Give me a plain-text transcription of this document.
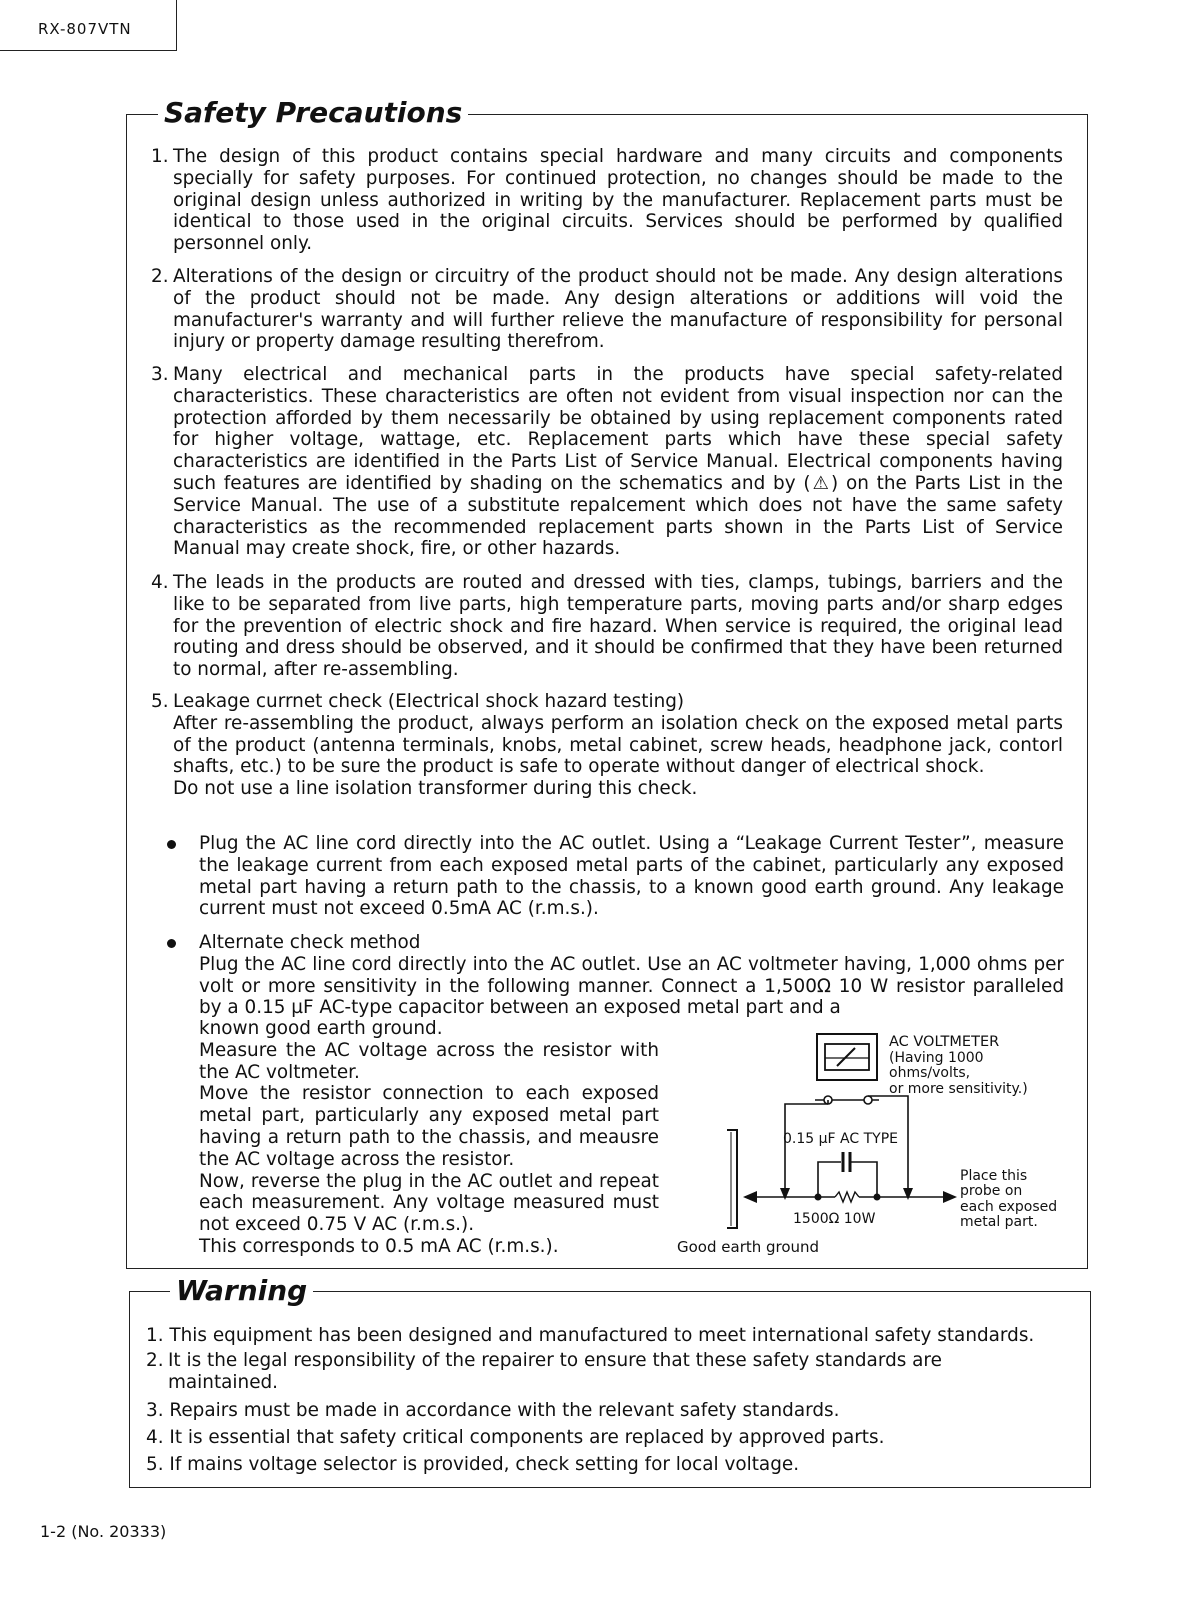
RX-807VTN
Safety Precautions
1. The design of this product contains special hardware and many circuits and components specially for safety purposes. For continued protection, no changes should be made to the original design unless authorized in writing by the manufacturer. Replacement parts must be identical to those used in the original circuits. Services should be performed by qualified personnel only.
2. Alterations of the design or circuitry of the product should not be made. Any design alterations of the product should not be made. Any design alterations or additions will void the manufacturer's warranty and will further relieve the manufacture of responsibility for personal injury or property damage resulting therefrom.
3. Many electrical and mechanical parts in the products have special safety-related characteristics. These characteristics are often not evident from visual inspection nor can the protection afforded by them necessarily be obtained by using replacement components rated for higher voltage, wattage, etc. Replacement parts which have these special safety characteristics are identified in the Parts List of Service Manual. Electrical components having such features are identified by shading on the schematics and by (⚠) on the Parts List in the Service Manual. The use of a substitute repalcement which does not have the same safety characteristics as the recommended replacement parts shown in the Parts List of Service Manual may create shock, fire, or other hazards.
4. The leads in the products are routed and dressed with ties, clamps, tubings, barriers and the like to be separated from live parts, high temperature parts, moving parts and/or sharp edges for the prevention of electric shock and fire hazard. When service is required, the original lead routing and dress should be observed, and it should be confirmed that they have been returned to normal, after re-assembling.
5. Leakage currnet check (Electrical shock hazard testing)
After re-assembling the product, always perform an isolation check on the exposed metal parts of the product (antenna terminals, knobs, metal cabinet, screw heads, headphone jack, contorl shafts, etc.) to be sure the product is safe to operate without danger of electrical shock.
Do not use a line isolation transformer during this check.
Plug the AC line cord directly into the AC outlet. Using a “Leakage Current Tester”, measure the leakage current from each exposed metal parts of the cabinet, particularly any exposed metal part having a return path to the chassis, to a known good earth ground. Any leakage current must not exceed 0.5mA AC (r.m.s.).
Alternate check method
Plug the AC line cord directly into the AC outlet. Use an AC voltmeter having, 1,000 ohms per volt or more sensitivity in the following manner. Connect a 1,500Ω 10 W resistor paralleled by a 0.15 µF AC-type capacitor between an exposed metal part and a
known good earth ground.
Measure the AC voltage across the resistor with the AC voltmeter.
Move the resistor connection to each exposed metal part, particularly any exposed metal part having a return path to the chassis, and meausre the AC voltage across the resistor.
Now, reverse the plug in the AC outlet and repeat each measurement. Any voltage measured must not exceed 0.75 V AC (r.m.s.).
This corresponds to 0.5 mA AC (r.m.s.).
0.15 µF AC TYPE
1500Ω 10W
Good earth ground
AC VOLTMETER
(Having 1000
ohms/volts,
or more sensitivity.)
Place this
probe on
each exposed
metal part.
Warning
1. This equipment has been designed and manufactured to meet international safety standards.
2. It is the legal responsibility of the repairer to ensure that these safety standards are maintained.
3. Repairs must be made in accordance with the relevant safety standards.
4. It is essential that safety critical components are replaced by approved parts.
5. If mains voltage selector is provided, check setting for local voltage.
1-2 (No. 20333)
